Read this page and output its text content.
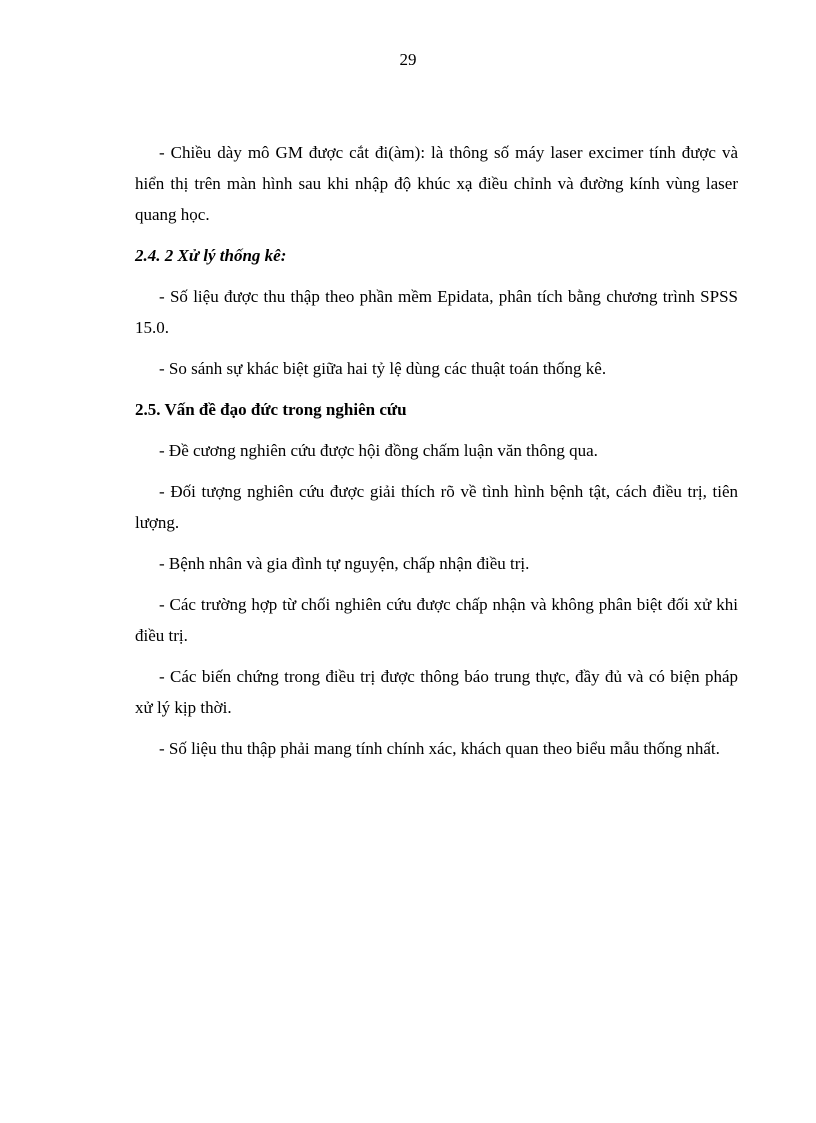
29

- Chiều dày mô GM được cắt đi(àm): là thông số máy laser excimer tính được và hiển thị trên màn hình sau khi nhập độ khúc xạ điều chỉnh và đường kính vùng laser quang học.

2.4. 2 Xử lý thống kê:

- Số liệu được thu thập theo phần mềm Epidata, phân tích bằng chương trình SPSS 15.0.

- So sánh sự khác biệt giữa hai tỷ lệ dùng các thuật toán thống kê.

2.5. Vấn đề đạo đức trong nghiên cứu

- Đề cương nghiên cứu được hội đồng chấm luận văn thông qua.

- Đối tượng nghiên cứu được giải thích rõ về tình hình bệnh tật, cách điều trị, tiên lượng.

- Bệnh nhân và gia đình tự nguyện, chấp nhận điều trị.

- Các trường hợp từ chối nghiên cứu được chấp nhận và không phân biệt đối xử khi điều trị.

- Các biến chứng trong điều trị được thông báo trung thực, đầy đủ và có biện pháp xử lý kịp thời.

- Số liệu thu thập phải mang tính chính xác, khách quan theo biểu mẫu thống nhất.
